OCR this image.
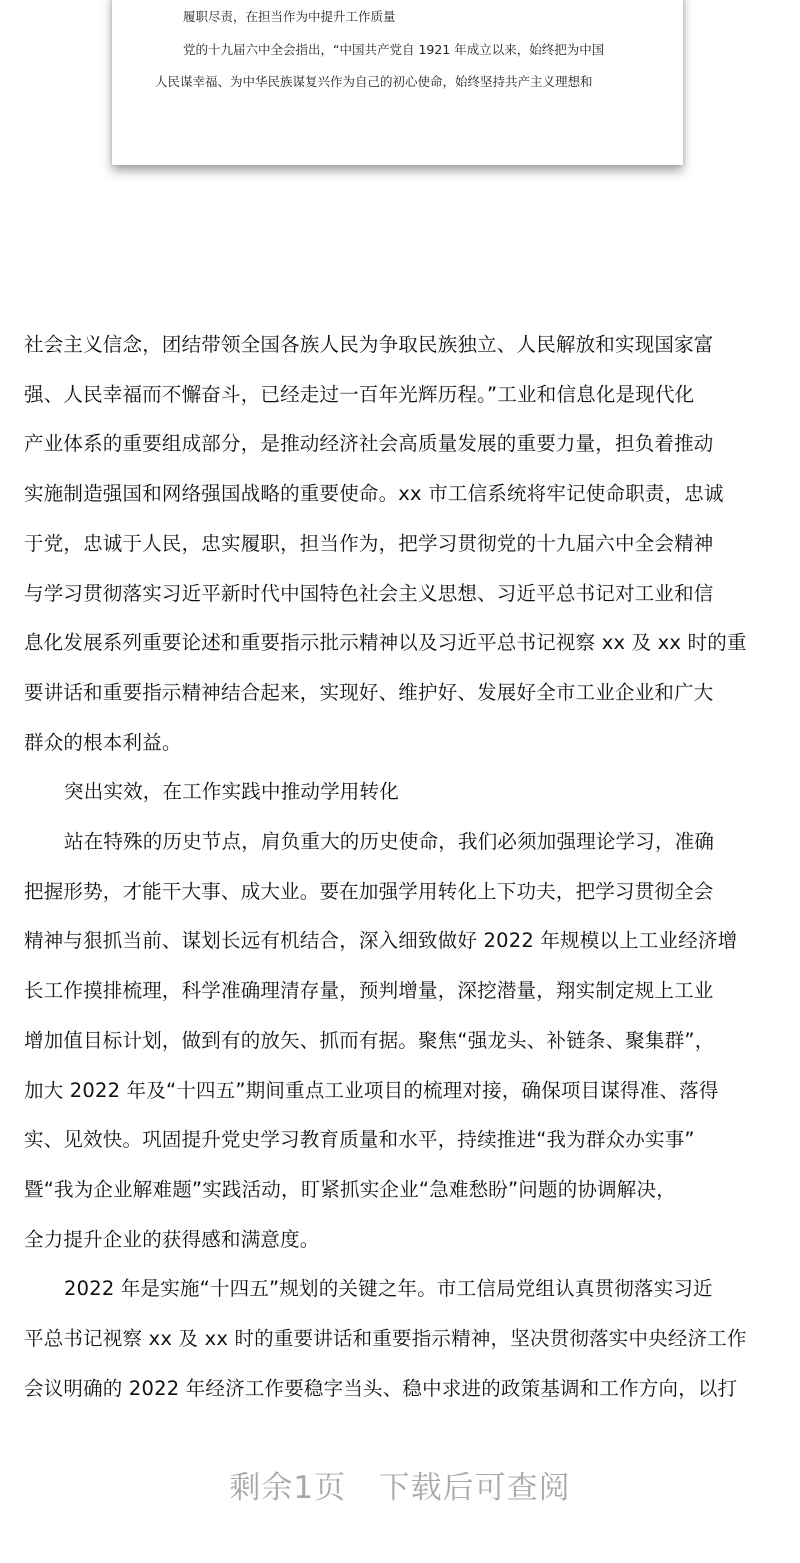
履职尽责，在担当作为中提升工作质量
党的十九届六中全会指出，“中国共产党自 1921 年成立以来，始终把为中国
人民谋幸福、为中华民族谋复兴作为自己的初心使命，始终坚持共产主义理想和
社会主义信念，团结带领全国各族人民为争取民族独立、人民解放和实现国家富
强、人民幸福而不懈奋斗，已经走过一百年光辉历程。”工业和信息化是现代化
产业体系的重要组成部分，是推动经济社会高质量发展的重要力量，担负着推动
实施制造强国和网络强国战略的重要使命。xx 市工信系统将牢记使命职责，忠诚
于党，忠诚于人民，忠实履职，担当作为，把学习贯彻党的十九届六中全会精神
与学习贯彻落实习近平新时代中国特色社会主义思想、习近平总书记对工业和信
息化发展系列重要论述和重要指示批示精神以及习近平总书记视察 xx 及 xx 时的重
要讲话和重要指示精神结合起来，实现好、维护好、发展好全市工业企业和广大
群众的根本利益。
突出实效，在工作实践中推动学用转化
站在特殊的历史节点，肩负重大的历史使命，我们必须加强理论学习，准确
把握形势，才能干大事、成大业。要在加强学用转化上下功夫，把学习贯彻全会
精神与狠抓当前、谋划长远有机结合，深入细致做好 2022 年规模以上工业经济增
长工作摸排梳理，科学准确理清存量，预判增量，深挖潜量，翔实制定规上工业
增加值目标计划，做到有的放矢、抓而有据。聚焦“强龙头、补链条、聚集群”，
加大 2022 年及“十四五”期间重点工业项目的梳理对接，确保项目谋得准、落得
实、见效快。巩固提升党史学习教育质量和水平，持续推进“我为群众办实事”
暨“我为企业解难题”实践活动，盯紧抓实企业“急难愁盼”问题的协调解决，
全力提升企业的获得感和满意度。
2022 年是实施“十四五”规划的关键之年。市工信局党组认真贯彻落实习近
平总书记视察 xx 及 xx 时的重要讲话和重要指示精神，坚决贯彻落实中央经济工作
会议明确的 2022 年经济工作要稳字当头、稳中求进的政策基调和工作方向，以打
剩余1页 下载后可查阅
